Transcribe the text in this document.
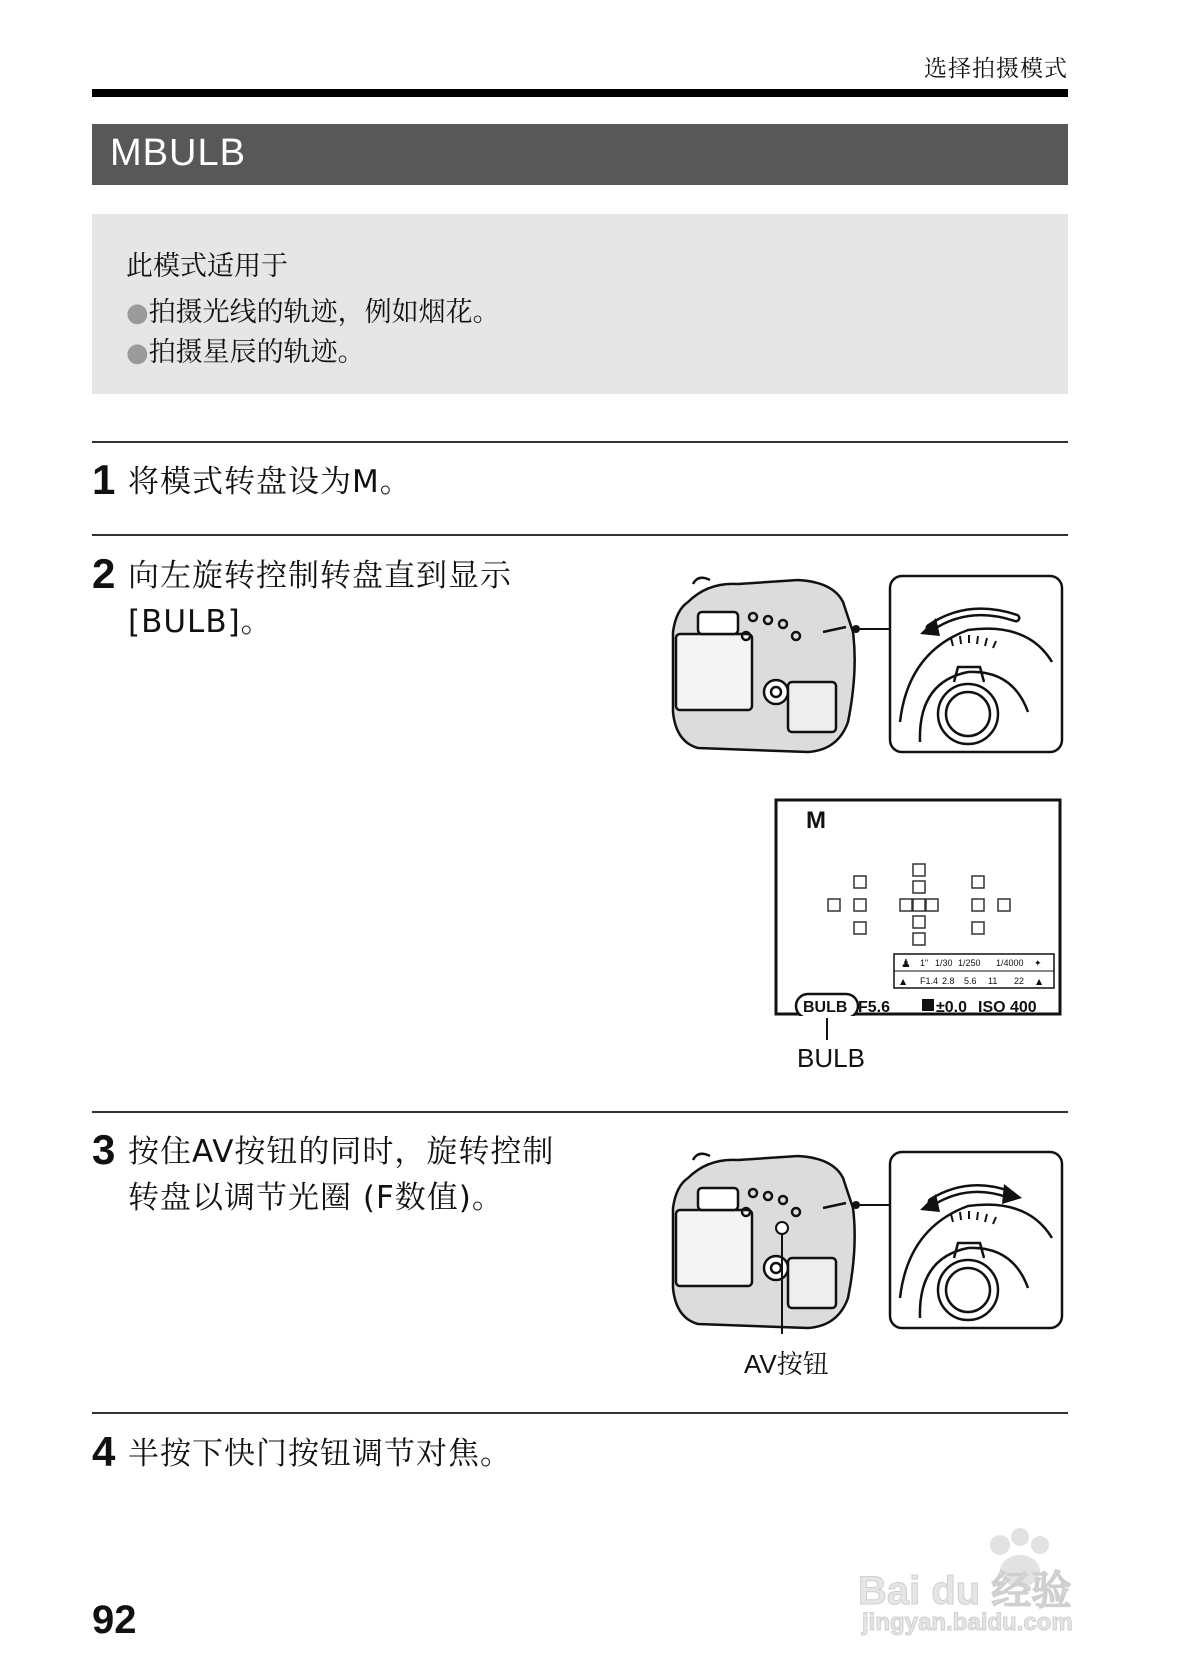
选择拍摄模式
MBULB
此模式适用于
●拍摄光线的轨迹，例如烟花。
●拍摄星辰的轨迹。
1 将模式转盘设为M。
2 向左旋转控制转盘直到显示
[BULB]。
M
♟ 1" 1/30 1/250 1/4000 ✦
F1.4 2.8 5.6 11 22
▲	▲
BULB F5.6	±0.0 ISO 400
BULB
3 按住AV按钮的同时，旋转控制
转盘以调节光圈 (F数值)。
AV按钮
4 半按下快门按钮调节对焦。
92
Bai du 经验
jingyan.baidu.com
